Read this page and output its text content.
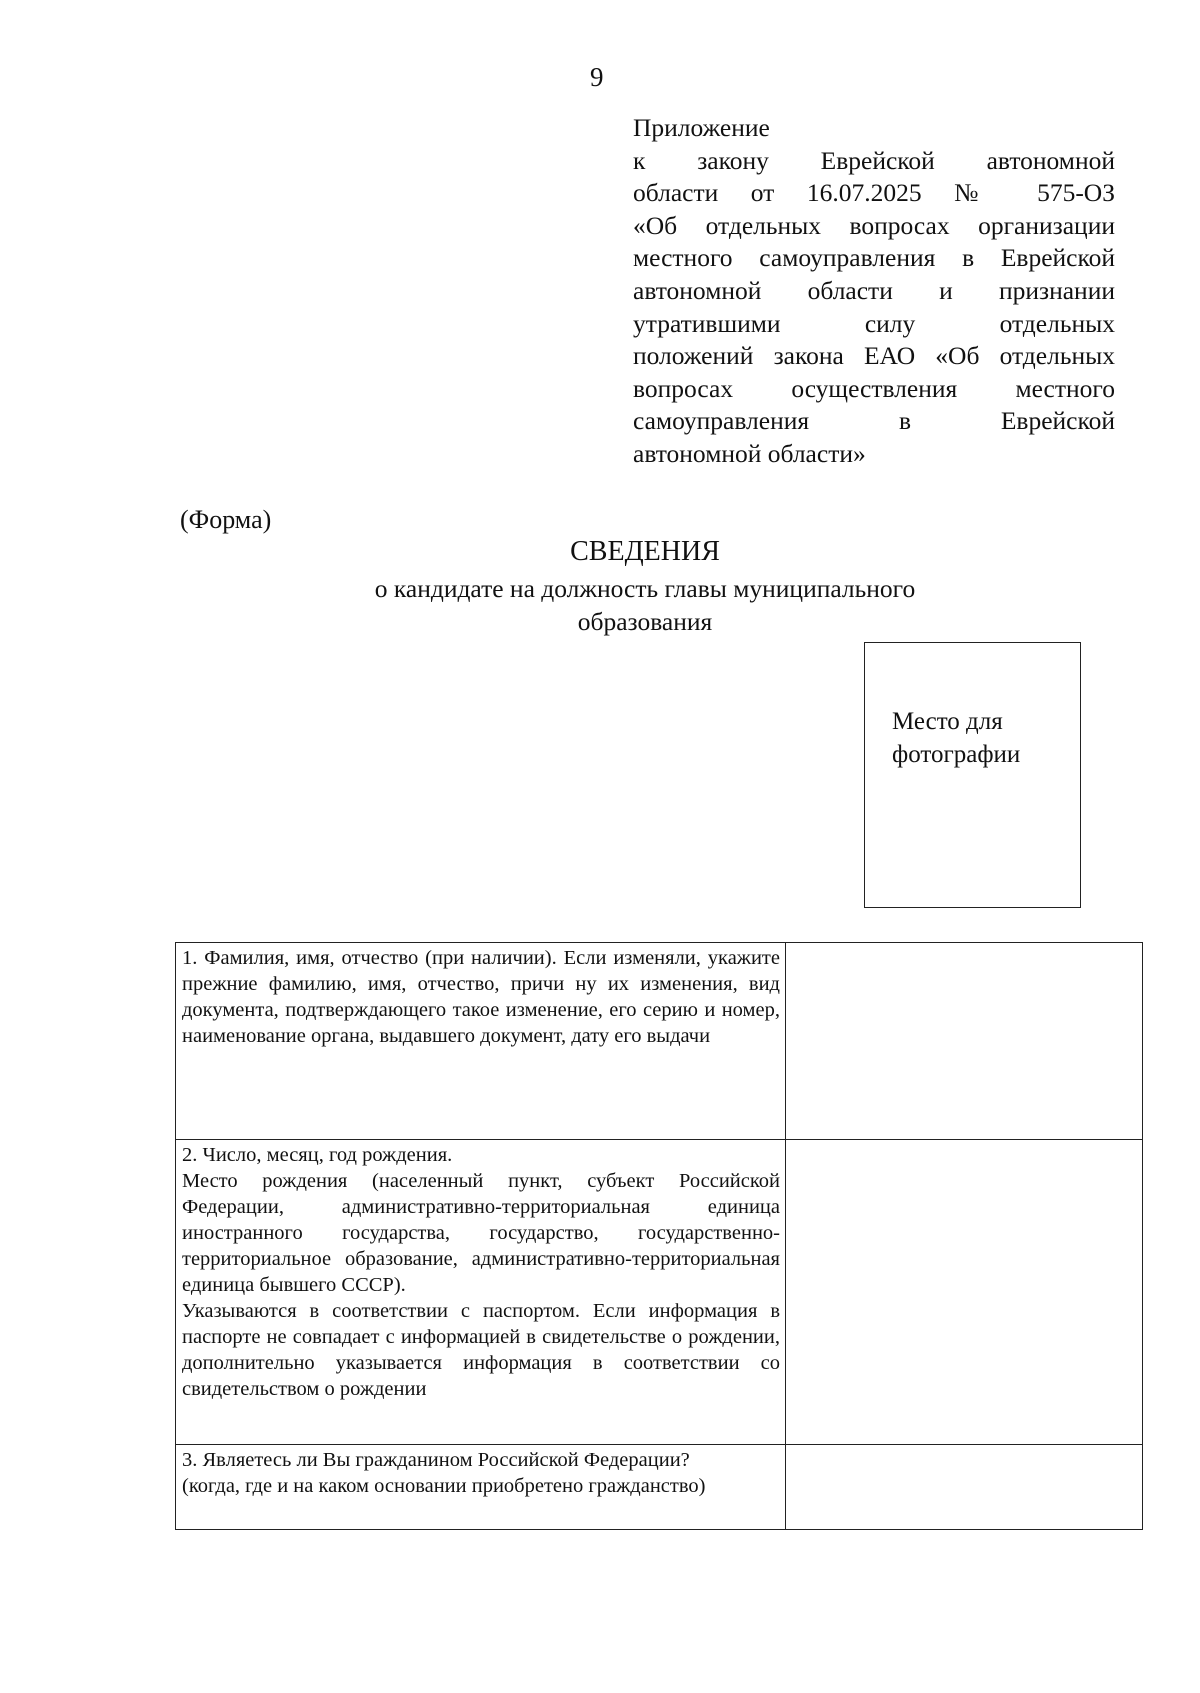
9
Приложение
к закону Еврейской автономной
области от 16.07.2025 № 575-ОЗ
«Об отдельных вопросах организации
местного самоуправления в Еврейской
автономной области и признании
утратившими силу отдельных
положений закона ЕАО «Об отдельных
вопросах осуществления местного
самоуправления в Еврейской
автономной области»
(Форма)
СВЕДЕНИЯ
о кандидате на должность главы муниципального
образования
Место для
фотографии
1. Фамилия, имя, отчество (при наличии). Если изменяли, укажите прежние фамилию, имя, отчество, причи ну их изменения, вид документа, подтверждающего такое изменение, его серию и номер, наименование органа, выдавшего документ, дату его выдачи	

2. Число, месяц, год рождения.
Место рождения (населенный пункт, субъект Российской Федерации, административно-территориальная единица иностранного государства, государство, государственно-территориальное образование, административно-территориальная единица бывшего СССР).
Указываются в соответствии с паспортом. Если информация в паспорте не совпадает с информацией в свидетельстве о рождении, дополнительно указывается информация в соответствии со свидетельством о рождении	

3. Являетесь ли Вы гражданином Российской Федерации?
(когда, где и на каком основании приобретено гражданство)	
